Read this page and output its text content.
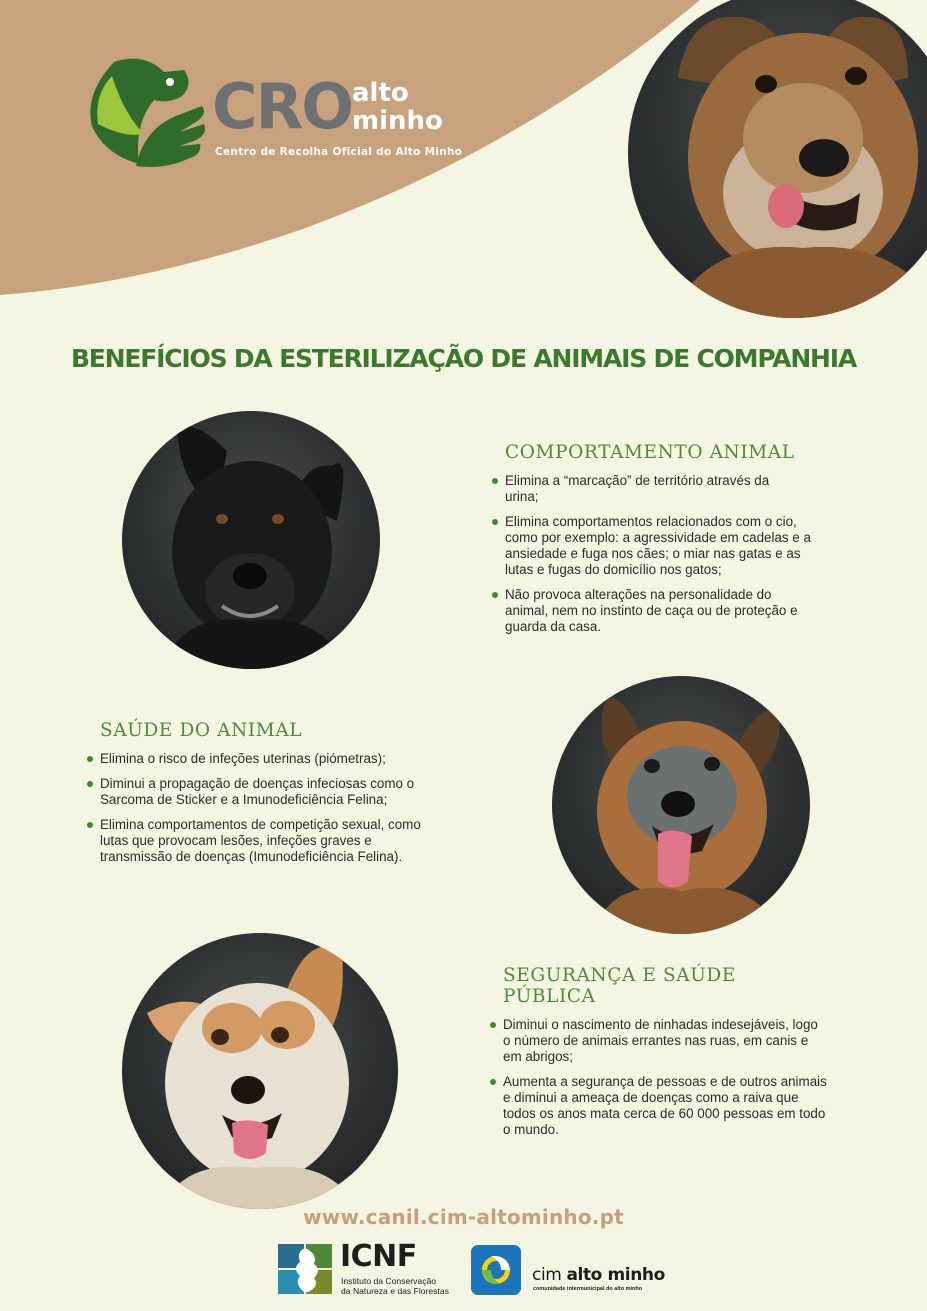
CRO alto
minho
Centro de Recolha Oficial do Alto Minho
BENEFÍCIOS DA ESTERILIZAÇÃO DE ANIMAIS DE COMPANHIA
COMPORTAMENTO ANIMAL
Elimina a “marcação” de território através da urina;
Elimina comportamentos relacionados com o cio, como por exemplo: a agressividade em cadelas e a ansiedade e fuga nos cães; o miar nas gatas e as lutas e fugas do domicílio nos gatos;
Não provoca alterações na personalidade do animal, nem no instinto de caça ou de proteção e guarda da casa.
SAÚDE DO ANIMAL
Elimina o risco de infeções uterinas (piómetras);
Diminui a propagação de doenças infeciosas como o Sarcoma de Sticker e a Imunodeficiência Felina;
Elimina comportamentos de competição sexual, como lutas que provocam lesões, infeções graves e transmissão de doenças (Imunodeficiência Felina).
SEGURANÇA E SAÚDE PÚBLICA
Diminui o nascimento de ninhadas indesejáveis, logo o número de animais errantes nas ruas, em canis e em abrigos;
Aumenta a segurança de pessoas e de outros animais e diminui a ameaça de doenças como a raiva que todos os anos mata cerca de 60 000 pessoas em todo o mundo.
www.canil.cim-altominho.pt
ICNF
Instituto da Conservação
da Natureza e das Florestas
cim alto minho
comunidade intermunicipal do alto minho
